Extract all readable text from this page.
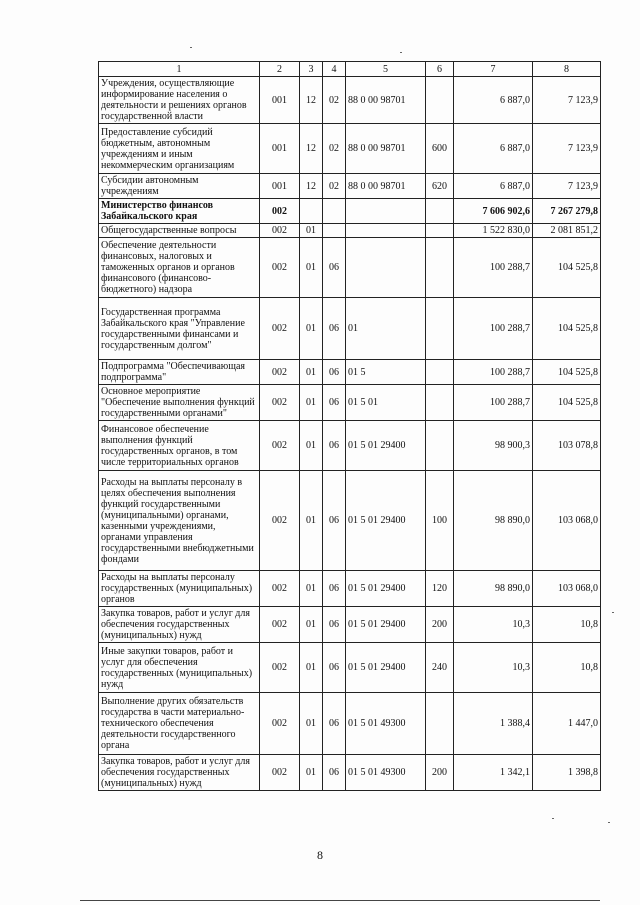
1	2	3	4	5	6	7	8
Учреждения, осуществляющие информирование населения о деятельности и решениях органов государственной власти	001	12	02	88 0 00 98701		6 887,0	7 123,9
Предоставление субсидий бюджетным, автономным учреждениям и иным некоммерческим организациям	001	12	02	88 0 00 98701	600	6 887,0	7 123,9
Субсидии автономным учреждениям	001	12	02	88 0 00 98701	620	6 887,0	7 123,9
Министерство финансов Забайкальского края	002					7 606 902,6	7 267 279,8
Общегосударственные вопросы	002	01				1 522 830,0	2 081 851,2
Обеспечение деятельности финансовых, налоговых и таможенных органов и органов финансового (финансово-бюджетного) надзора	002	01	06			100 288,7	104 525,8
Государственная программа Забайкальского края "Управление государственными финансами и государственным долгом"	002	01	06	01		100 288,7	104 525,8
Подпрограмма "Обеспечивающая подпрограмма"	002	01	06	01 5		100 288,7	104 525,8
Основное мероприятие "Обеспечение выполнения функций государственными органами"	002	01	06	01 5 01		100 288,7	104 525,8
Финансовое обеспечение выполнения функций государственных органов, в том числе территориальных органов	002	01	06	01 5 01 29400		98 900,3	103 078,8
Расходы на выплаты персоналу в целях обеспечения выполнения функций государственными (муниципальными) органами, казенными учреждениями, органами управления государственными внебюджетными фондами	002	01	06	01 5 01 29400	100	98 890,0	103 068,0
Расходы на выплаты персоналу государственных (муниципальных) органов	002	01	06	01 5 01 29400	120	98 890,0	103 068,0
Закупка товаров, работ и услуг для обеспечения государственных (муниципальных) нужд	002	01	06	01 5 01 29400	200	10,3	10,8
Иные закупки товаров, работ и услуг для обеспечения государственных (муниципальных) нужд	002	01	06	01 5 01 29400	240	10,3	10,8
Выполнение других обязательств государства в части материально-технического обеспечения деятельности государственного органа	002	01	06	01 5 01 49300		1 388,4	1 447,0
Закупка товаров, работ и услуг для обеспечения государственных (муниципальных) нужд	002	01	06	01 5 01 49300	200	1 342,1	1 398,8
8
